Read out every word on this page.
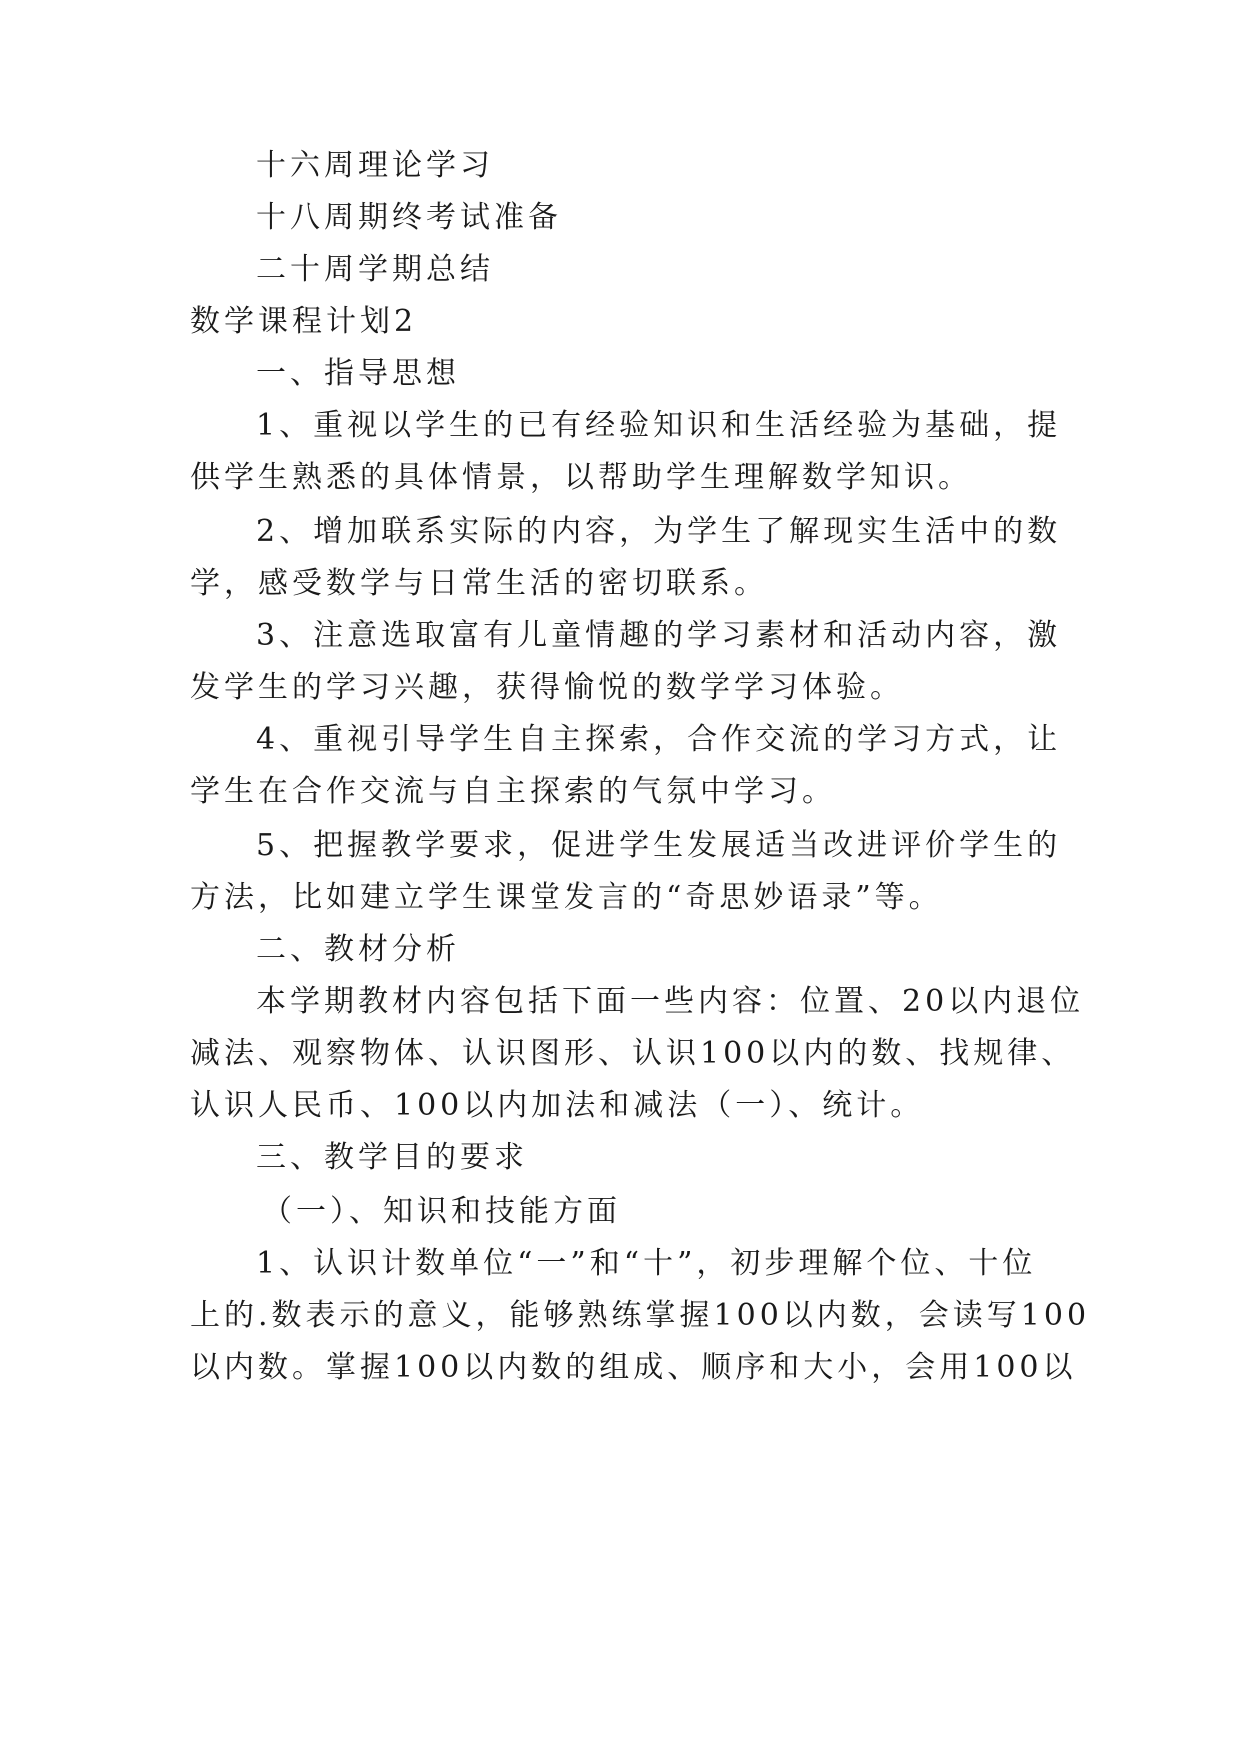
十六周理论学习
十八周期终考试准备
二十周学期总结
数学课程计划2
一、指导思想
1、重视以学生的已有经验知识和生活经验为基础，提
供学生熟悉的具体情景，以帮助学生理解数学知识。
2、增加联系实际的内容，为学生了解现实生活中的数
学，感受数学与日常生活的密切联系。
3、注意选取富有儿童情趣的学习素材和活动内容，激
发学生的学习兴趣，获得愉悦的数学学习体验。
4、重视引导学生自主探索，合作交流的学习方式，让
学生在合作交流与自主探索的气氛中学习。
5、把握教学要求，促进学生发展适当改进评价学生的
方法，比如建立学生课堂发言的“奇思妙语录”等。
二、教材分析
本学期教材内容包括下面一些内容：位置、20以内退位
减法、观察物体、认识图形、认识100以内的数、找规律、
认识人民币、100以内加法和减法（一）、统计。
三、教学目的要求
（一）、知识和技能方面
1、认识计数单位“一”和“十”，初步理解个位、十位
上的.数表示的意义，能够熟练掌握100以内数，会读写100
以内数。掌握100以内数的组成、顺序和大小，会用100以
